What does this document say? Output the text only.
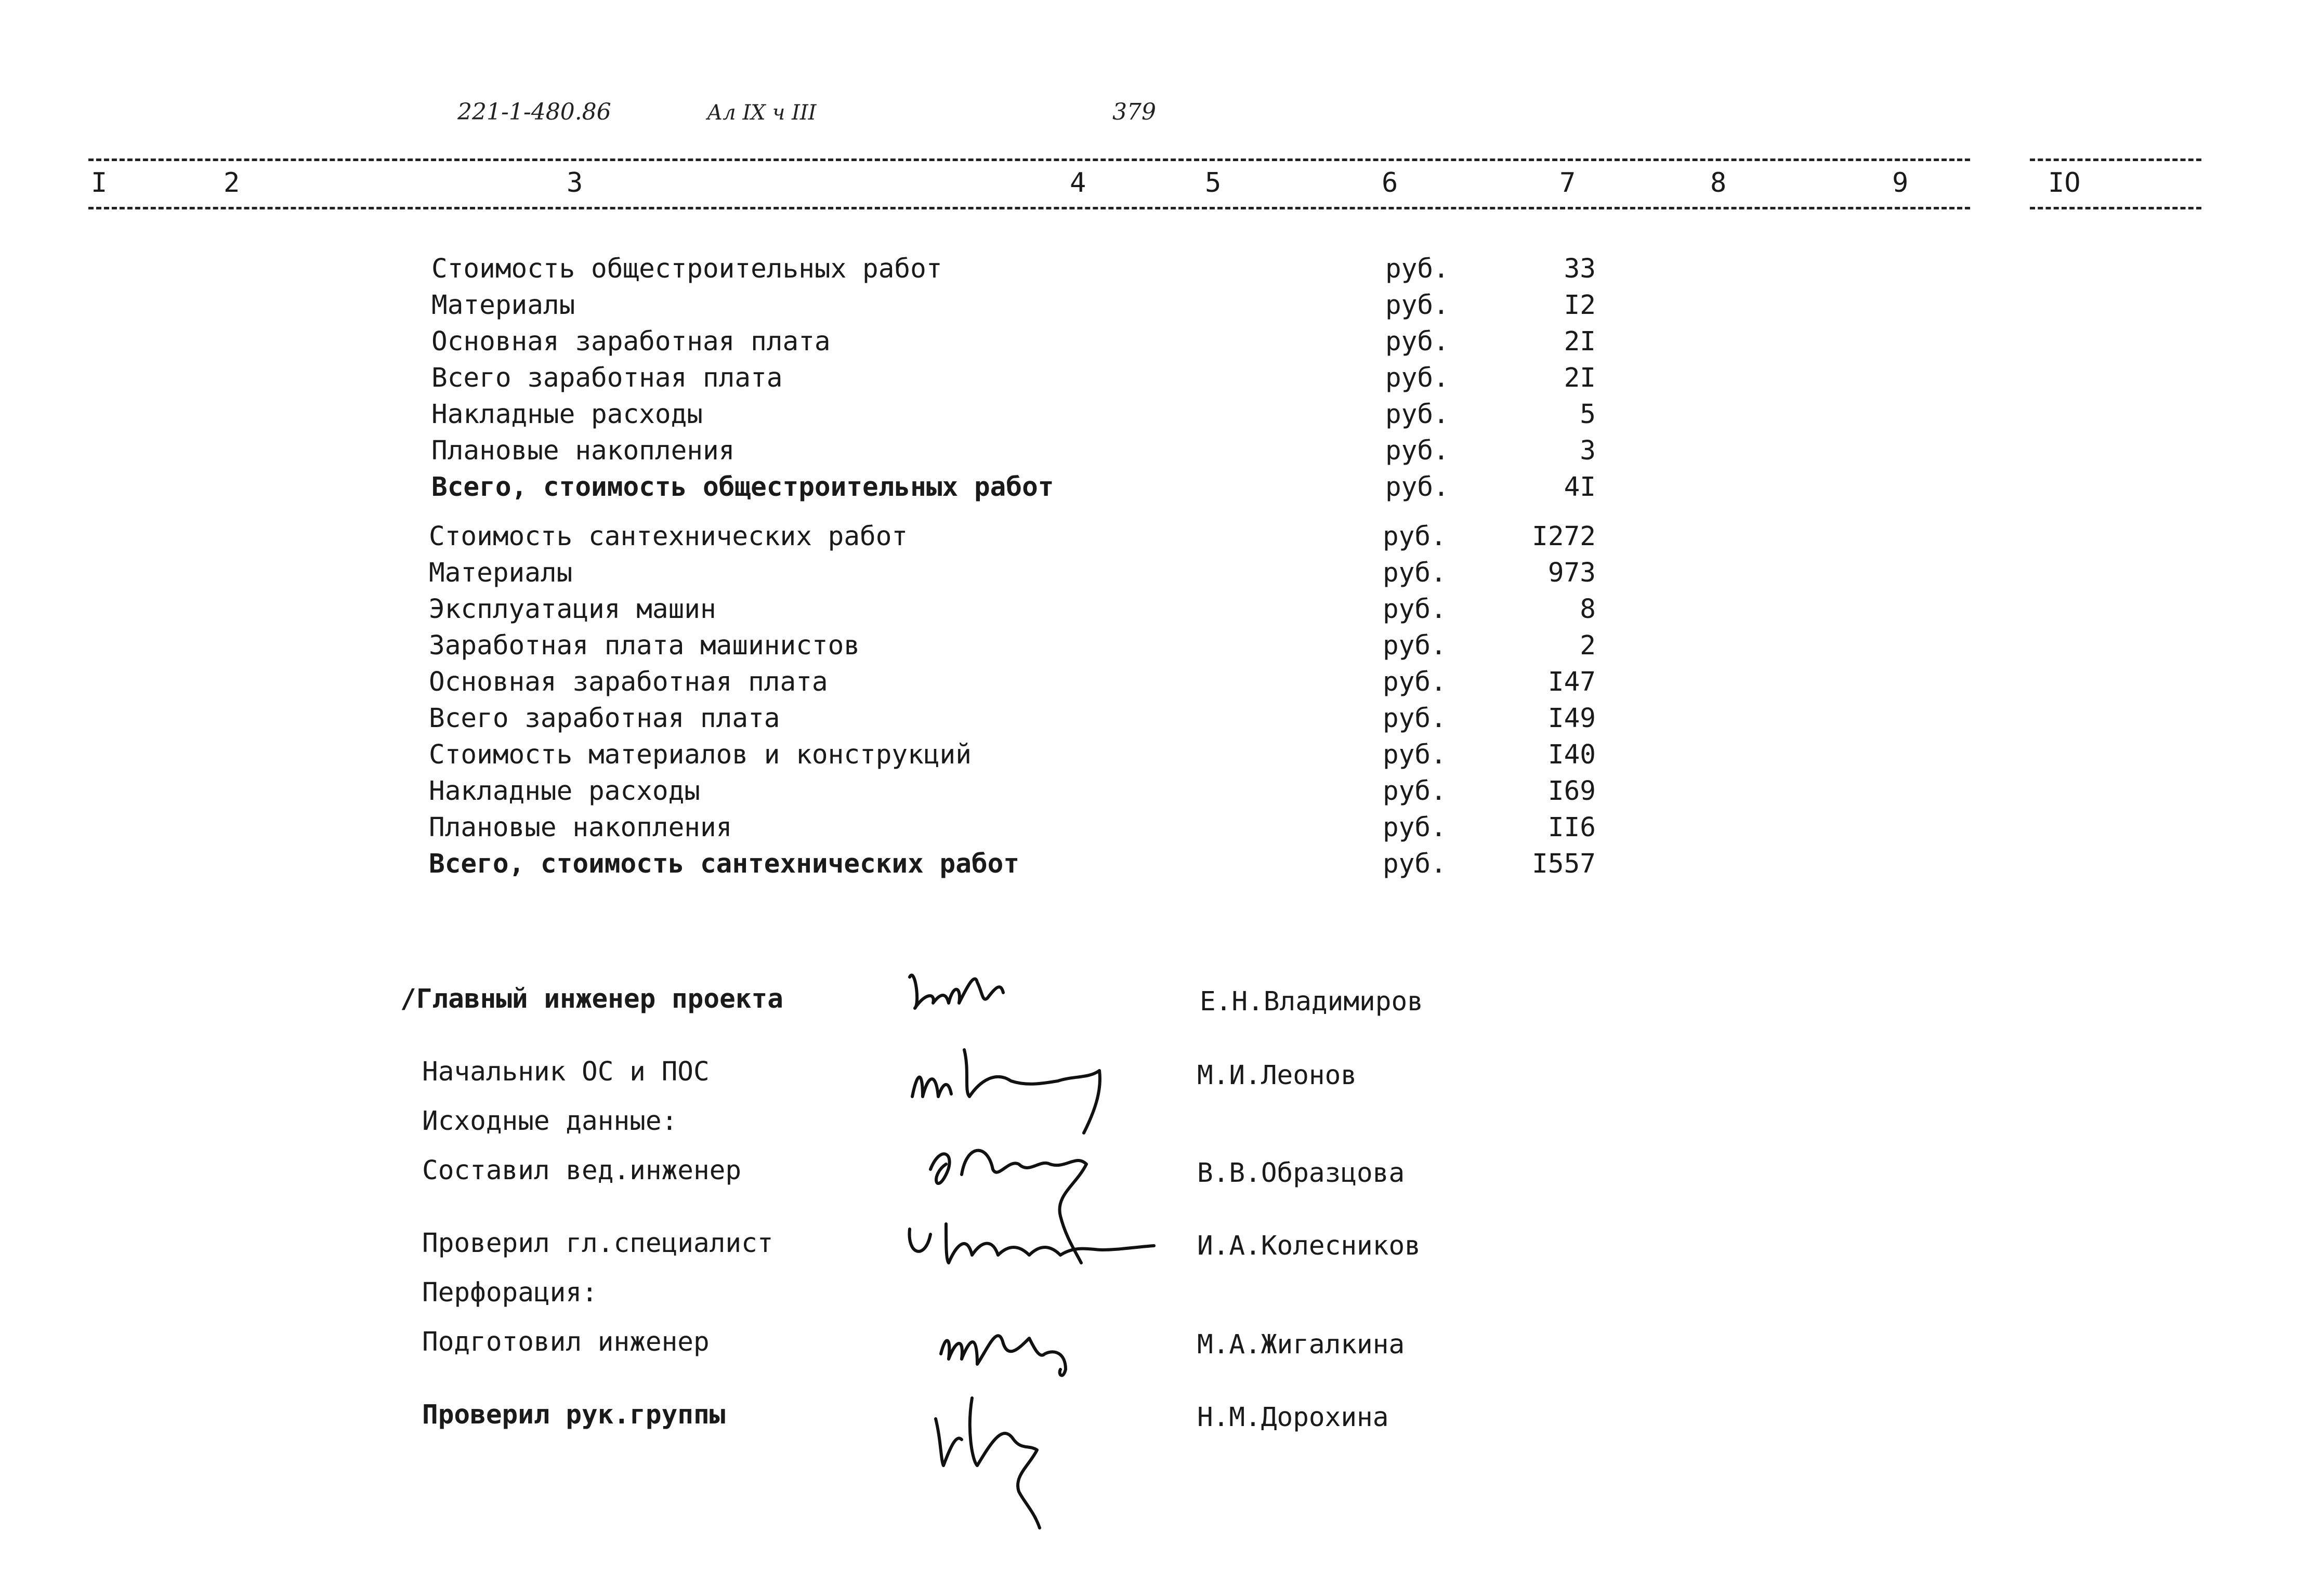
221-1-480.86	Ал IX ч III	379
I	2	3	4	5	6	7	8	9	IO
Стоимость общестроительных работ	руб.	33
Материалы	руб.	I2
Основная заработная плата	руб.	2I
Всего заработная плата	руб.	2I
Накладные расходы	руб.	5
Плановые накопления	руб.	3
Всего, стоимость общестроительных работ	руб.	4I
Стоимость сантехнических работ	руб.	I272
Материалы	руб.	973
Эксплуатация машин	руб.	8
Заработная плата машинистов	руб.	2
Основная заработная плата	руб.	I47
Всего заработная плата	руб.	I49
Стоимость материалов и конструкций	руб.	I40
Накладные расходы	руб.	I69
Плановые накопления	руб.	II6
Всего, стоимость сантехнических работ	руб.	I557
/Главный инженер проекта	Е.Н.Владимиров
Начальник ОС и ПОС	М.И.Леонов
Исходные данные:
Составил вед.инженер	В.В.Образцова
Проверил гл.специалист	И.А.Колесников
Перфорация:
Подготовил инженер	М.А.Жигалкина
Проверил рук.группы	Н.М.Дорохина
